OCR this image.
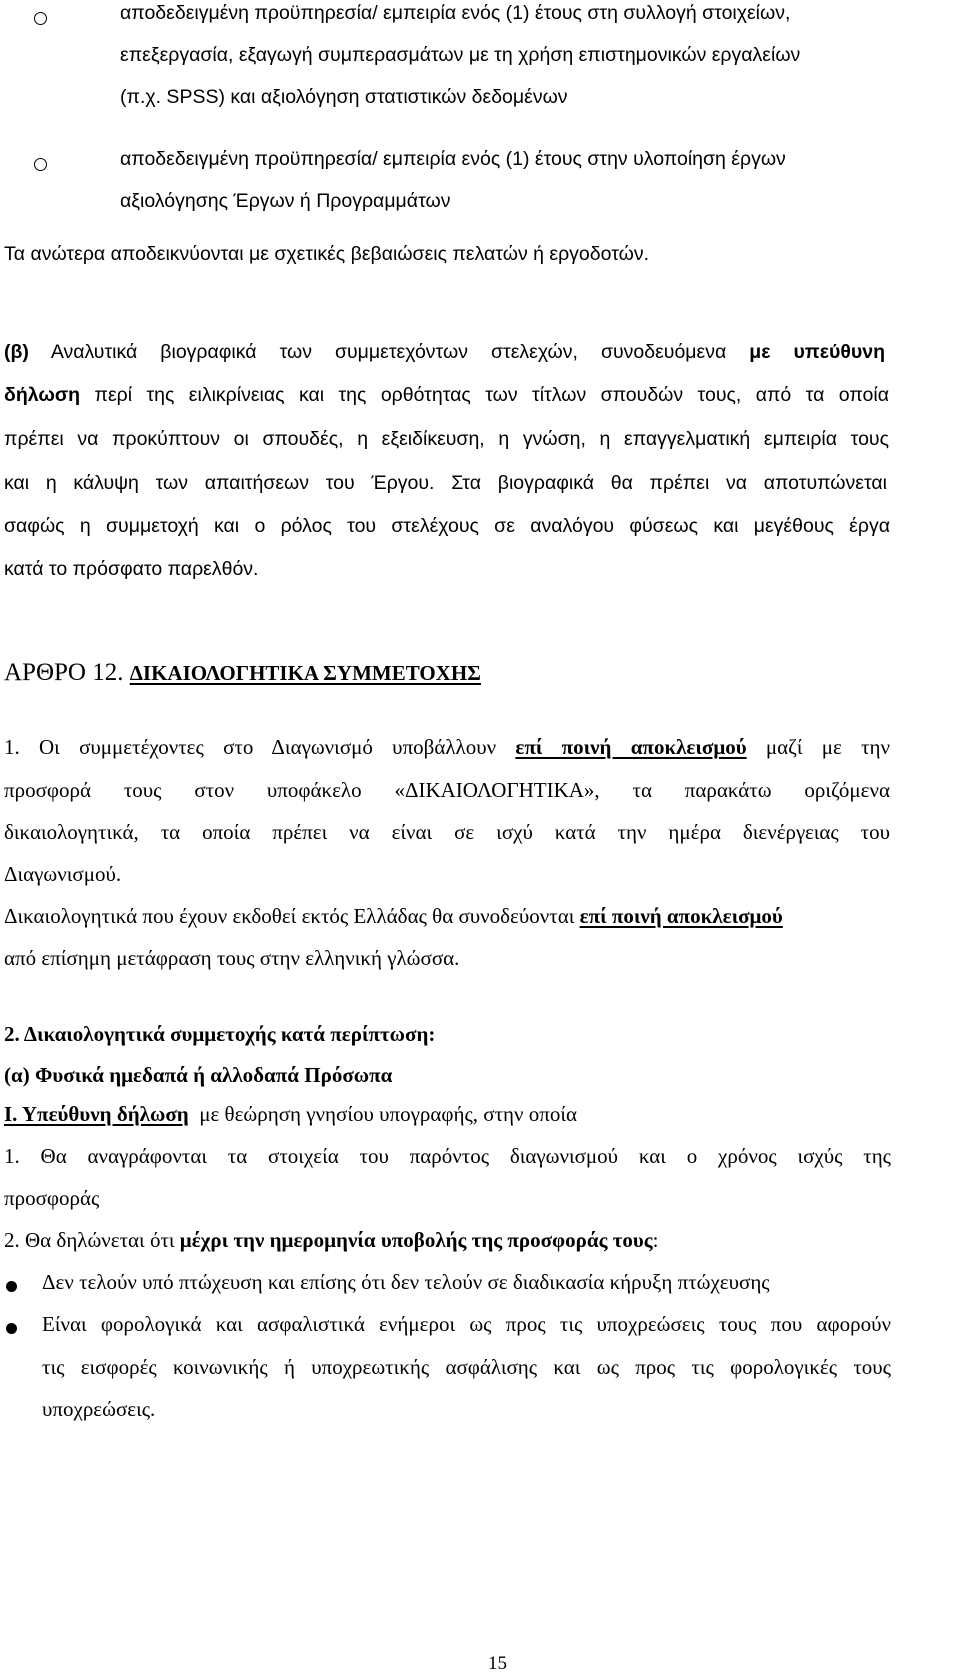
αποδεδειγμένη προϋπηρεσία/ εμπειρία ενός (1) έτους στη συλλογή στοιχείων,
επεξεργασία, εξαγωγή συμπερασμάτων με τη χρήση επιστημονικών εργαλείων
(π.χ. SPSS) και αξιολόγηση στατιστικών δεδομένων
αποδεδειγμένη προϋπηρεσία/ εμπειρία ενός (1) έτους στην υλοποίηση έργων
αξιολόγησης Έργων ή Προγραμμάτων
Τα ανώτερα αποδεικνύονται με σχετικές βεβαιώσεις πελατών ή εργοδοτών.
(β) Αναλυτικά βιογραφικά των συμμετεχόντων στελεχών, συνοδευόμενα με υπεύθυνη
δήλωση περί της ειλικρίνειας και της ορθότητας των τίτλων σπουδών τους, από τα οποία
πρέπει να προκύπτουν οι σπουδές, η εξειδίκευση, η γνώση, η επαγγελματική εμπειρία τους
και η κάλυψη των απαιτήσεων του Έργου. Στα βιογραφικά θα πρέπει να αποτυπώνεται
σαφώς η συμμετοχή και ο ρόλος του στελέχους σε αναλόγου φύσεως και μεγέθους έργα
κατά το πρόσφατο παρελθόν.
ΑΡΘΡΟ 12. ΔΙΚΑΙΟΛΟΓΗΤΙΚΑ ΣΥΜΜΕΤΟΧΗΣ
1. Οι συμμετέχοντες στο Διαγωνισμό υποβάλλουν επί ποινή αποκλεισμού μαζί με την
προσφορά τους στον υποφάκελο «ΔΙΚΑΙΟΛΟΓΗΤΙΚΑ», τα παρακάτω οριζόμενα
δικαιολογητικά, τα οποία πρέπει να είναι σε ισχύ κατά την ημέρα διενέργειας του
Διαγωνισμού.
Δικαιολογητικά που έχουν εκδοθεί εκτός Ελλάδας θα συνοδεύονται επί ποινή αποκλεισμού
από επίσημη μετάφραση τους στην ελληνική γλώσσα.
2. Δικαιολογητικά συμμετοχής κατά περίπτωση:
(α) Φυσικά ημεδαπά ή αλλοδαπά Πρόσωπα
Ι. Υπεύθυνη δήλωση με θεώρηση γνησίου υπογραφής, στην οποία
1. Θα αναγράφονται τα στοιχεία του παρόντος διαγωνισμού και ο χρόνος ισχύς της
προσφοράς
2. Θα δηλώνεται ότι μέχρι την ημερομηνία υποβολής της προσφοράς τους:
Δεν τελούν υπό πτώχευση και επίσης ότι δεν τελούν σε διαδικασία κήρυξη πτώχευσης
Είναι φορολογικά και ασφαλιστικά ενήμεροι ως προς τις υποχρεώσεις τους που αφορούν
τις εισφορές κοινωνικής ή υποχρεωτικής ασφάλισης και ως προς τις φορολογικές τους
υποχρεώσεις.
15
